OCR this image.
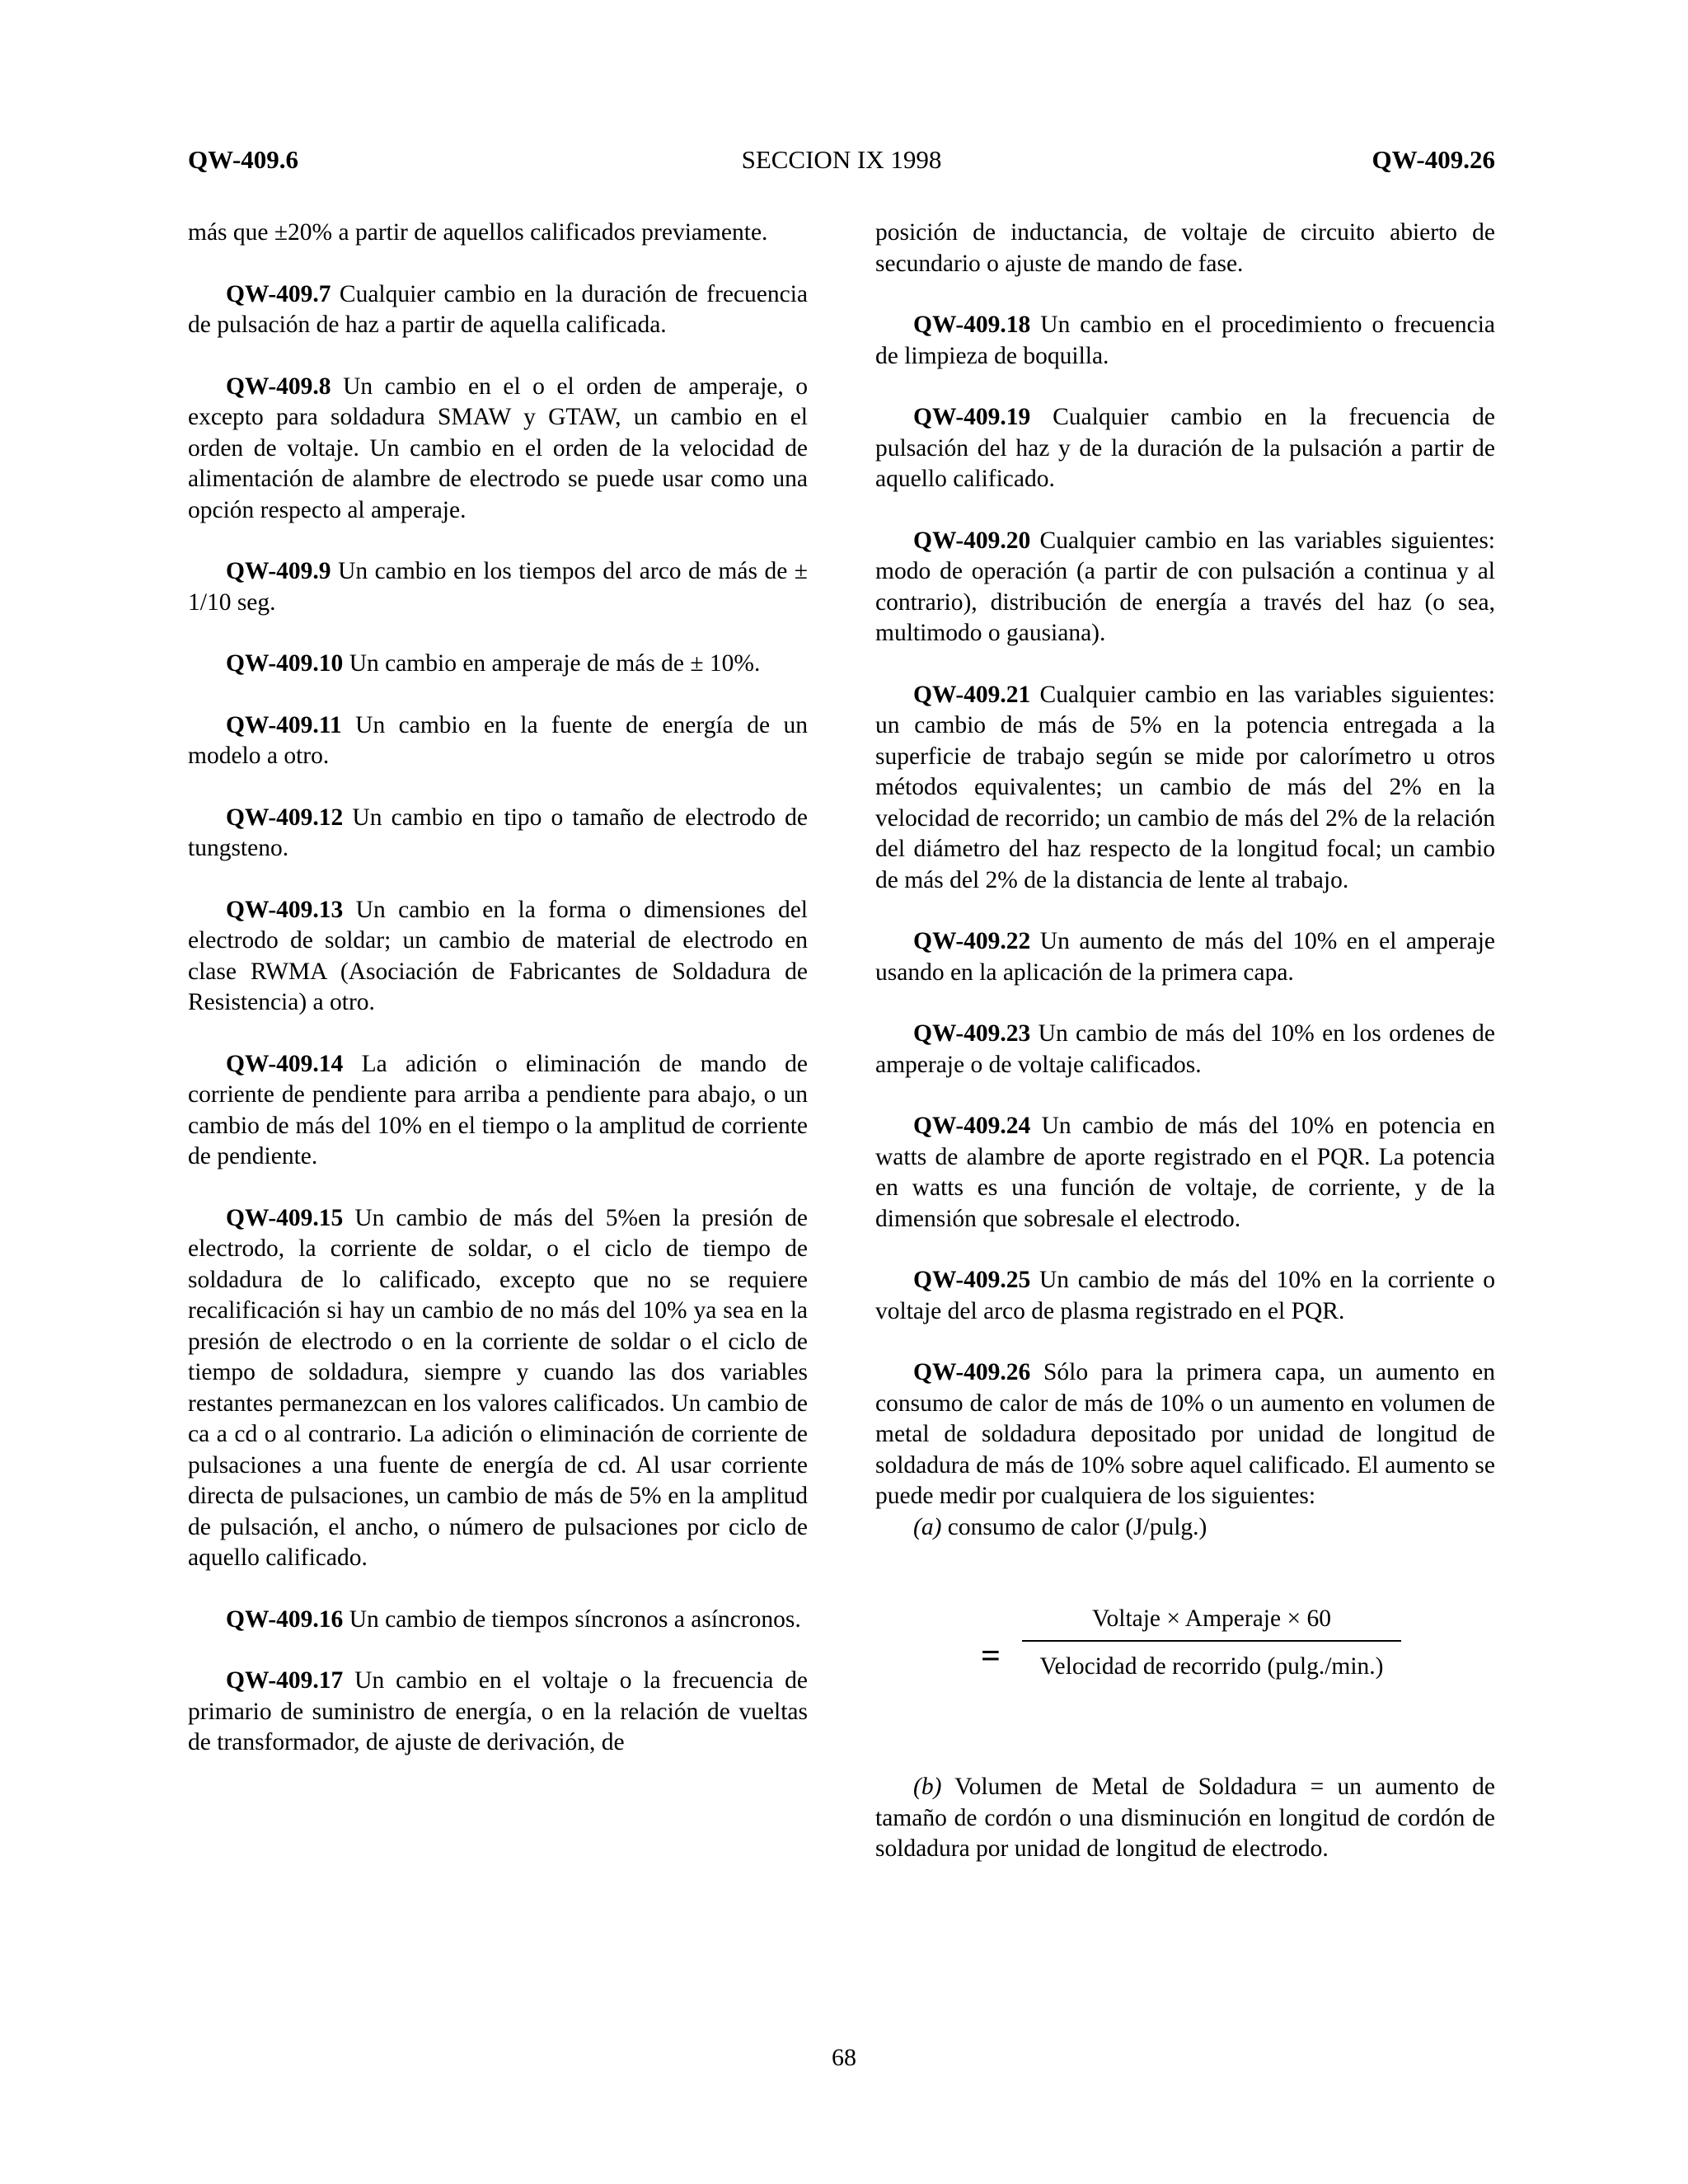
QW-409.6	SECCION IX 1998	QW-409.26

más que ±20% a partir de aquellos calificados previamente.

QW-409.7 Cualquier cambio en la duración de frecuencia de pulsación de haz a partir de aquella calificada.

QW-409.8 Un cambio en el o el orden de amperaje, o excepto para soldadura SMAW y GTAW, un cambio en el orden de voltaje. Un cambio en el orden de la velocidad de alimentación de alambre de electrodo se puede usar como una opción respecto al amperaje.

QW-409.9 Un cambio en los tiempos del arco de más de ± 1/10 seg.

QW-409.10 Un cambio en amperaje de más de ± 10%.

QW-409.11 Un cambio en la fuente de energía de un modelo a otro.

QW-409.12 Un cambio en tipo o tamaño de electrodo de tungsteno.

QW-409.13 Un cambio en la forma o dimensiones del electrodo de soldar; un cambio de material de electrodo en clase RWMA (Asociación de Fabricantes de Soldadura de Resistencia) a otro.

QW-409.14 La adición o eliminación de mando de corriente de pendiente para arriba a pendiente para abajo, o un cambio de más del 10% en el tiempo o la amplitud de corriente de pendiente.

QW-409.15 Un cambio de más del 5%en la presión de electrodo, la corriente de soldar, o el ciclo de tiempo de soldadura de lo calificado, excepto que no se requiere recalificación si hay un cambio de no más del 10% ya sea en la presión de electrodo o en la corriente de soldar o el ciclo de tiempo de soldadura, siempre y cuando las dos variables restantes permanezcan en los valores calificados. Un cambio de ca a cd o al contrario. La adición o eliminación de corriente de pulsaciones a una fuente de energía de cd. Al usar corriente directa de pulsaciones, un cambio de más de 5% en la amplitud de pulsación, el ancho, o número de pulsaciones por ciclo de aquello calificado.

QW-409.16 Un cambio de tiempos síncronos a asíncronos.

QW-409.17 Un cambio en el voltaje o la frecuencia de primario de suministro de energía, o en la relación de vueltas de transformador, de ajuste de derivación, de

posición de inductancia, de voltaje de circuito abierto de secundario o ajuste de mando de fase.

QW-409.18 Un cambio en el procedimiento o frecuencia de limpieza de boquilla.

QW-409.19 Cualquier cambio en la frecuencia de pulsación del haz y de la duración de la pulsación a partir de aquello calificado.

QW-409.20 Cualquier cambio en las variables siguientes: modo de operación (a partir de con pulsación a continua y al contrario), distribución de energía a través del haz (o sea, multimodo o gausiana).

QW-409.21 Cualquier cambio en las variables siguientes: un cambio de más de 5% en la potencia entregada a la superficie de trabajo según se mide por calorímetro u otros métodos equivalentes; un cambio de más del 2% en la velocidad de recorrido; un cambio de más del 2% de la relación del diámetro del haz respecto de la longitud focal; un cambio de más del 2% de la distancia de lente al trabajo.

QW-409.22 Un aumento de más del 10% en el amperaje usando en la aplicación de la primera capa.

QW-409.23 Un cambio de más del 10% en los ordenes de amperaje o de voltaje calificados.

QW-409.24 Un cambio de más del 10% en potencia en watts de alambre de aporte registrado en el PQR. La potencia en watts es una función de voltaje, de corriente, y de la dimensión que sobresale el electrodo.

QW-409.25 Un cambio de más del 10% en la corriente o voltaje del arco de plasma registrado en el PQR.

QW-409.26 Sólo para la primera capa, un aumento en consumo de calor de más de 10% o un aumento en volumen de metal de soldadura depositado por unidad de longitud de soldadura de más de 10% sobre aquel calificado. El aumento se puede medir por cualquiera de los siguientes:

(a) consumo de calor (J/pulg.)

=
Voltaje × Amperaje × 60
Velocidad de recorrido (pulg./min.)

(b) Volumen de Metal de Soldadura = un aumento de tamaño de cordón o una disminución en longitud de cordón de soldadura por unidad de longitud de electrodo.

68
